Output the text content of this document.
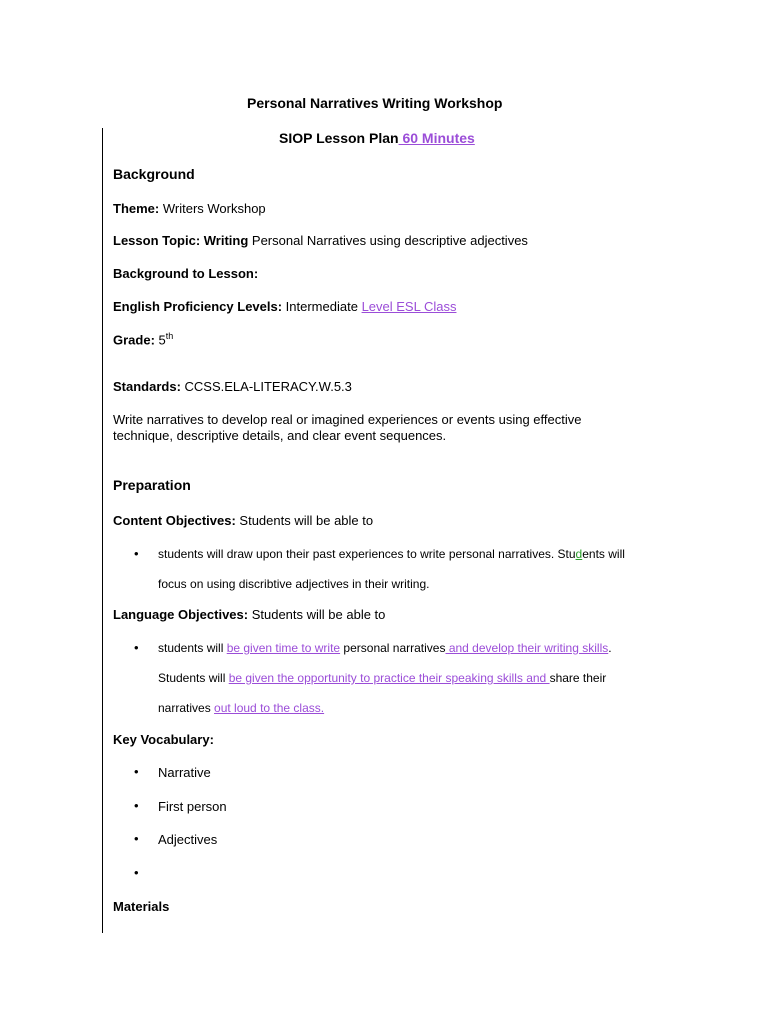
Personal Narratives Writing Workshop
SIOP Lesson Plan 60 Minutes
Background
Theme: Writers Workshop
Lesson Topic: Writing Personal Narratives using descriptive adjectives
Background to Lesson:
English Proficiency Levels: Intermediate Level ESL Class
Grade: 5th
Standards: CCSS.ELA-LITERACY.W.5.3
Write narratives to develop real or imagined experiences or events using effective
technique, descriptive details, and clear event sequences.
Preparation
Content Objectives: Students will be able to
• students will draw upon their past experiences to write personal narratives. Students will
focus on using discribtive adjectives in their writing.
Language Objectives: Students will be able to
• students will be given time to write personal narratives and develop their writing skills.
Students will be given the opportunity to practice their speaking skills and share their
narratives out loud to the class.
Key Vocabulary:
• Narrative
• First person
• Adjectives
•
Materials
